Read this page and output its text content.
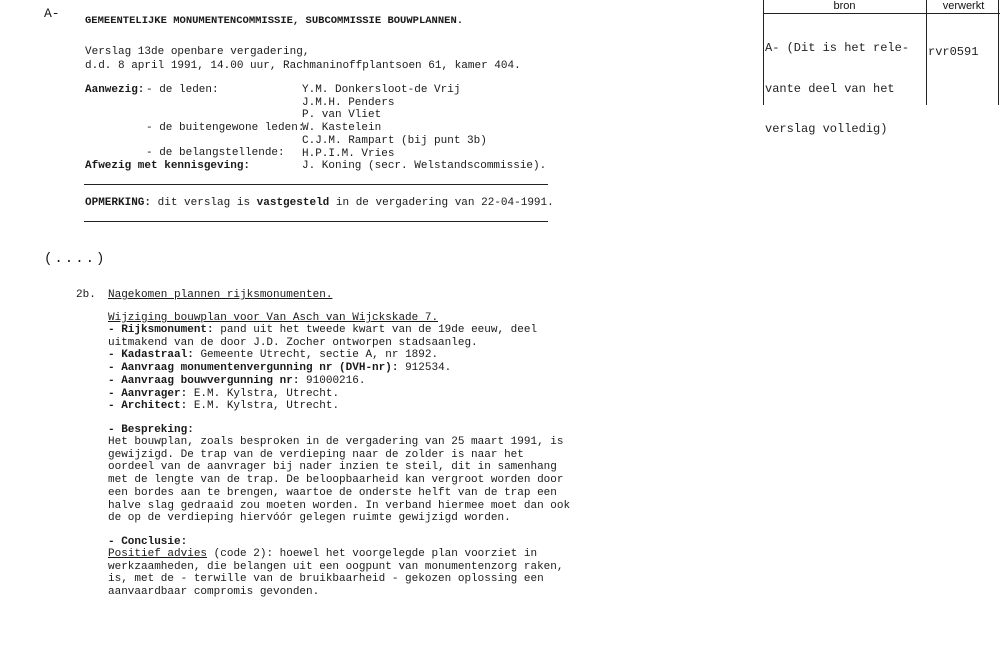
A-	bron	verwerkt

A- (Dit is het rele-

vante deel van het

verslag volledig)

rvr0591
GEMEENTELIJKE MONUMENTENCOMMISSIE, SUBCOMMISSIE BOUWPLANNEN.
Verslag 13de openbare vergadering,
d.d. 8 april 1991, 14.00 uur, Rachmaninoffplantsoen 61, kamer 404.
Aanwezig: - de leden:
- de buitengewone leden:
- de belangstellende:
Y.M. Donkersloot-de Vrij
J.M.H. Penders
P. van Vliet
W. Kastelein
C.J.M. Rampart (bij punt 3b)
H.P.I.M. Vries
J. Koning (secr. Welstandscommissie).
Afwezig met kennisgeving:
OPMERKING: dit verslag is vastgesteld in de vergadering van 22-04-1991.
(....)
2b. Nagekomen plannen rijksmonumenten.
Wijziging bouwplan voor Van Asch van Wijckskade 7.
- Rijksmonument: pand uit het tweede kwart van de 19de eeuw, deel
uitmakend van de door J.D. Zocher ontworpen stadsaanleg.
- Kadastraal: Gemeente Utrecht, sectie A, nr 1892.
- Aanvraag monumentenvergunning nr (DVH-nr): 912534.
- Aanvraag bouwvergunning nr: 91000216.
- Aanvrager: E.M. Kylstra, Utrecht.
- Architect: E.M. Kylstra, Utrecht.
- Bespreking:
Het bouwplan, zoals besproken in de vergadering van 25 maart 1991, is
gewijzigd. De trap van de verdieping naar de zolder is naar het
oordeel van de aanvrager bij nader inzien te steil, dit in samenhang
met de lengte van de trap. De beloopbaarheid kan vergroot worden door
een bordes aan te brengen, waartoe de onderste helft van de trap een
halve slag gedraaid zou moeten worden. In verband hiermee moet dan ook
de op de verdieping hiervóór gelegen ruimte gewijzigd worden.
- Conclusie:
Positief advies (code 2): hoewel het voorgelegde plan voorziet in
werkzaamheden, die belangen uit een oogpunt van monumentenzorg raken,
is, met de - terwille van de bruikbaarheid - gekozen oplossing een
aanvaardbaar compromis gevonden.
